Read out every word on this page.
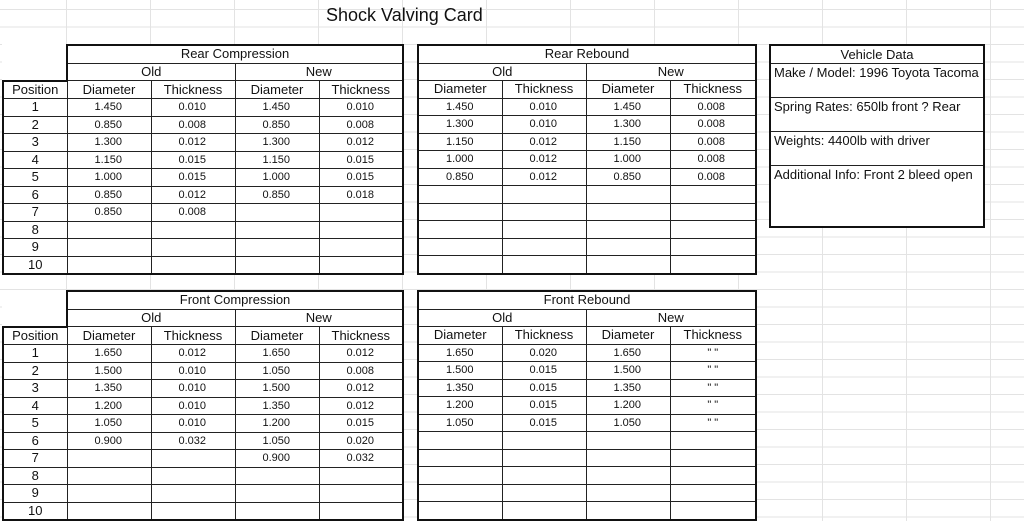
Shock Valving Card
	Rear Compression			
	Old		New	
Position	Diameter	Thickness	Diameter	Thickness
1	1.450	0.010	1.450	0.010
2	0.850	0.008	0.850	0.008
3	1.300	0.012	1.300	0.012
4	1.150	0.015	1.150	0.015
5	1.000	0.015	1.000	0.015
6	0.850	0.012	0.850	0.018
7	0.850	0.008		
8				
9				
10				
Rear Rebound			
Old		New	
Diameter	Thickness	Diameter	Thickness
1.450	0.010	1.450	0.008
1.300	0.010	1.300	0.008
1.150	0.012	1.150	0.008
1.000	0.012	1.000	0.008
0.850	0.012	0.850	0.008

Vehicle Data
Make / Model: 1996 Toyota Tacoma
Spring Rates: 650lb front ? Rear
Weights: 4400lb with driver
Additional Info: Front 2 bleed open
	Front Compression			
	Old		New	
Position	Diameter	Thickness	Diameter	Thickness
1	1.650	0.012	1.650	0.012
2	1.500	0.010	1.050	0.008
3	1.350	0.010	1.500	0.012
4	1.200	0.010	1.350	0.012
5	1.050	0.010	1.200	0.015
6	0.900	0.032	1.050	0.020
7			0.900	0.032
8				
9				
10				
Front Rebound			
Old		New	
Diameter	Thickness	Diameter	Thickness
1.650	0.020	1.650	" "
1.500	0.015	1.500	" "
1.350	0.015	1.350	" "
1.200	0.015	1.200	" "
1.050	0.015	1.050	" "
